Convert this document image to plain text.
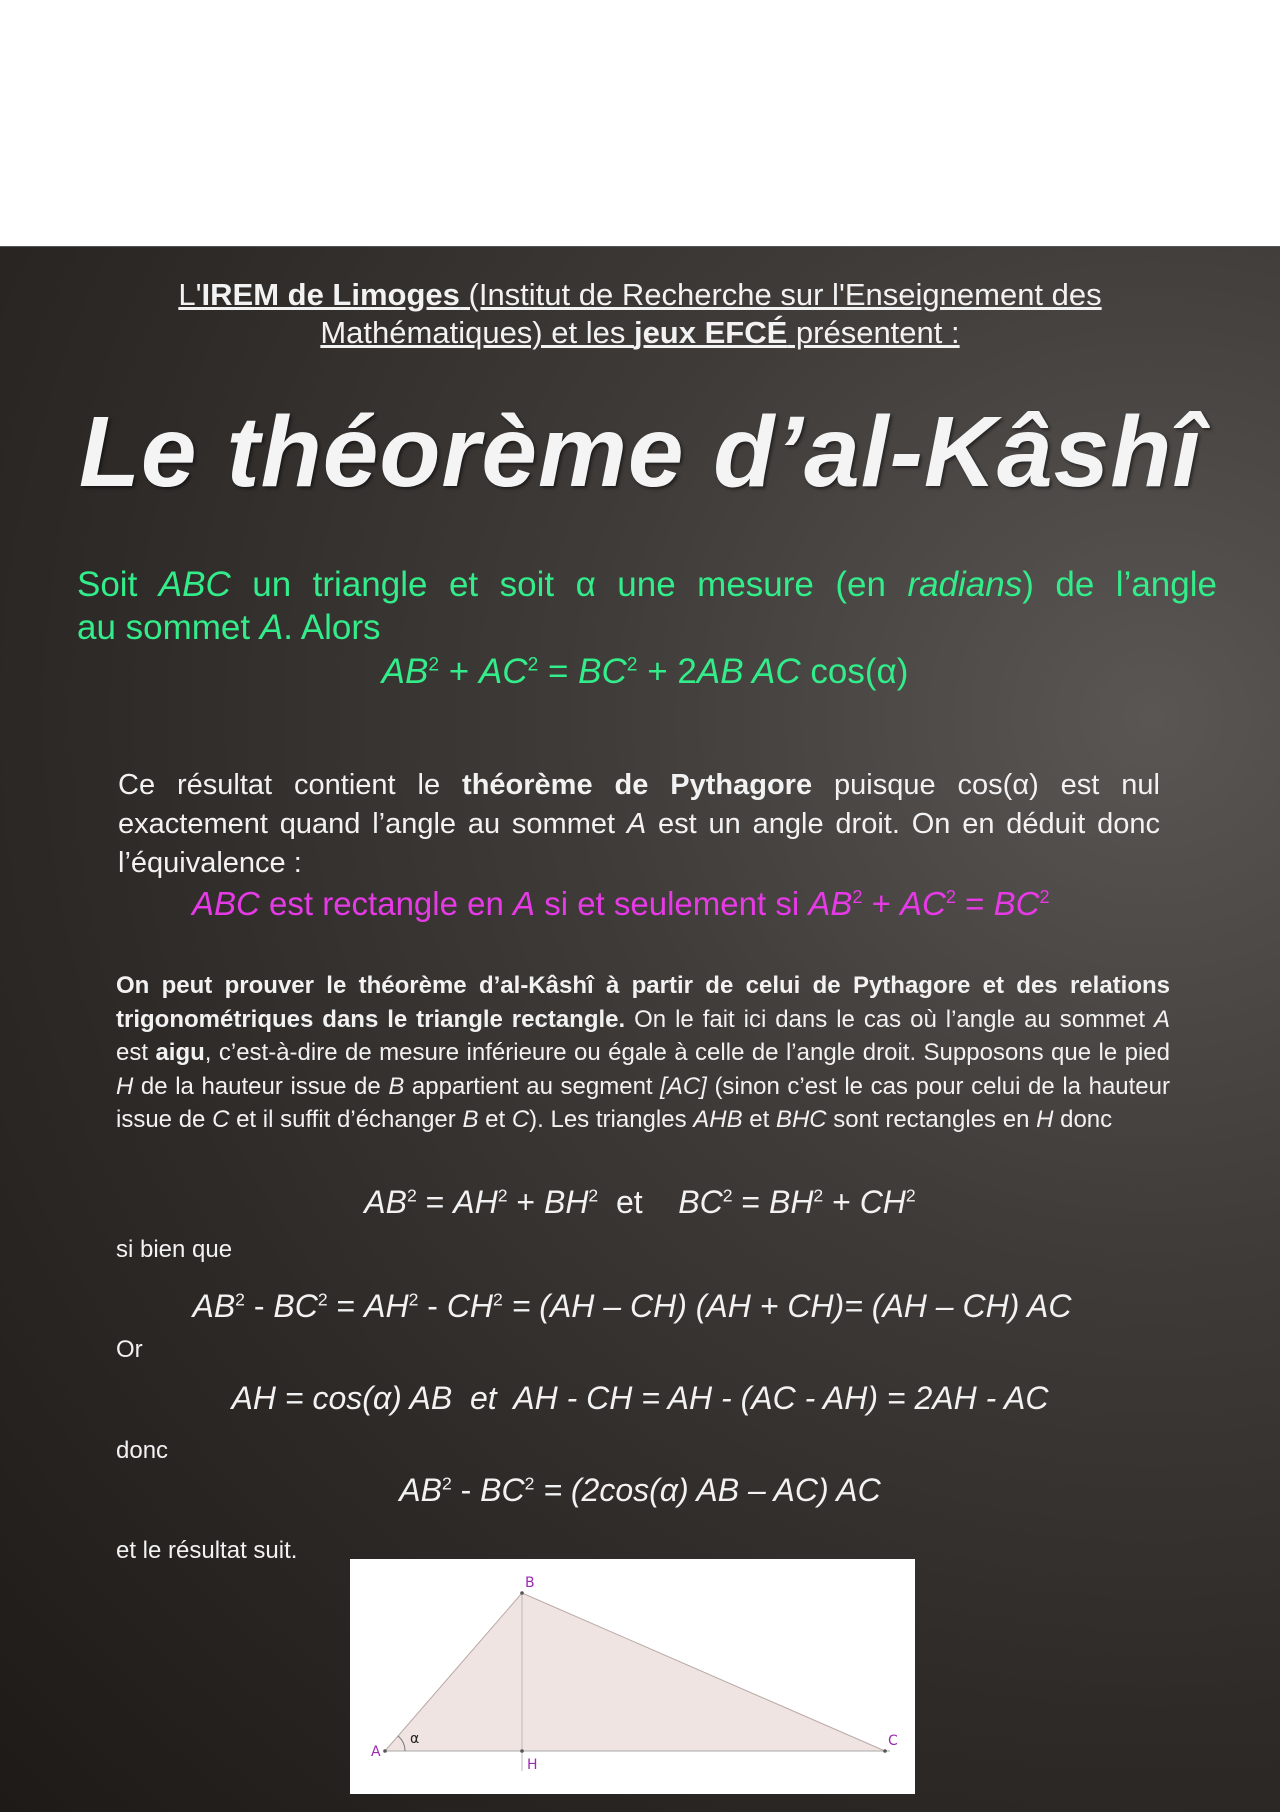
L'IREM de Limoges (Institut de Recherche sur l'Enseignement des
Mathématiques) et les jeux EFCÉ présentent :
Le théorème d’al-Kâshî
Soit ABC un triangle et soit α une mesure (en radians) de l’angle
au sommet A. Alors
$AB^2 + AC^2 = BC^2 + 2AB$ AC cos(α)
Ce résultat contient le théorème de Pythagore puisque cos(α) est nul
exactement quand l’angle au sommet A est un angle droit. On en déduit donc
l’équivalence :
ABC est rectangle en A si et seulement si $AB^2 + AC^2 = BC^2$
On peut prouver le théorème d’al-Kâshî à partir de celui de Pythagore et des relations trigonométriques dans le triangle rectangle. On le fait ici dans le cas où l’angle au sommet A est aigu, c’est-à-dire de mesure inférieure ou égale à celle de l’angle droit. Supposons que le pied H de la hauteur issue de B appartient au segment [AC] (sinon c’est le cas pour celui de la hauteur issue de C et il suffit d’échanger B et C). Les triangles AHB et BHC sont rectangles en H donc
$AB^2 = AH^2 + BH^2$  et    $BC^2 = BH^2 + CH^2$
si bien que
$AB^2 - BC^2 = AH^2 - CH^2 = (AH - CH) (AH + CH)= (AH - CH)$ AC
Or
AH = cos(α) AB  et  AH - CH = AH - (AC - AH) = 2AH - AC
donc
$AB^2 - BC^2 = (2\cos(\alpha)$ AB – AC) AC
et le résultat suit.
A
B
C
H
α
